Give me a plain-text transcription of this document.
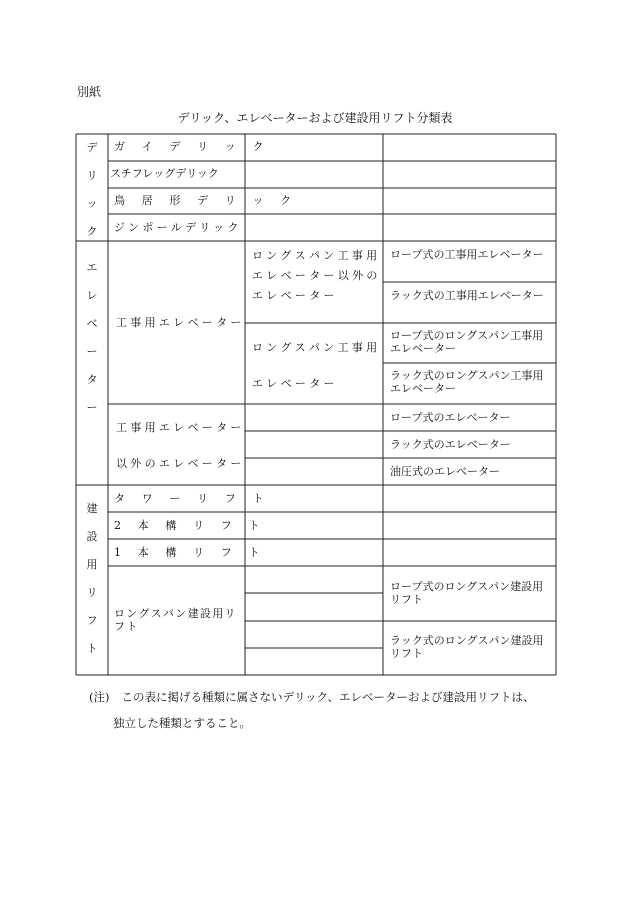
別紙
デリック、エレベーターおよび建設用リフト分類表
デリック
ガ イ デ リ ッ ク
スチフレッグデリック
鳥 居 形 デ リ ッ ク
ジンポールデリック
エレベーター
工事用エレベーター
ロングスパン工事用エレベーター以外のエレベーター
ロープ式の工事用エレベーター
ラック式の工事用エレベーター
ロングスパン工事用
エレベーター
ロープ式のロングスパン工事用エレベーター
ラック式のロングスパン工事用エレベーター
工事用エレベーター
以外のエレベーター
ロープ式のエレベーター
ラック式のエレベーター
油圧式のエレベーター
建設用リフト
タ ワ ー リ フ ト
2 本 構 リ フ ト
1 本 構 リ フ ト
ロングスパン建設用リフト
ロープ式のロングスパン建設用リフト
ラック式のロングスパン建設用リフト
(注) この表に掲げる種類に属さないデリック、エレベーターおよび建設用リフトは、
独立した種類とすること。
